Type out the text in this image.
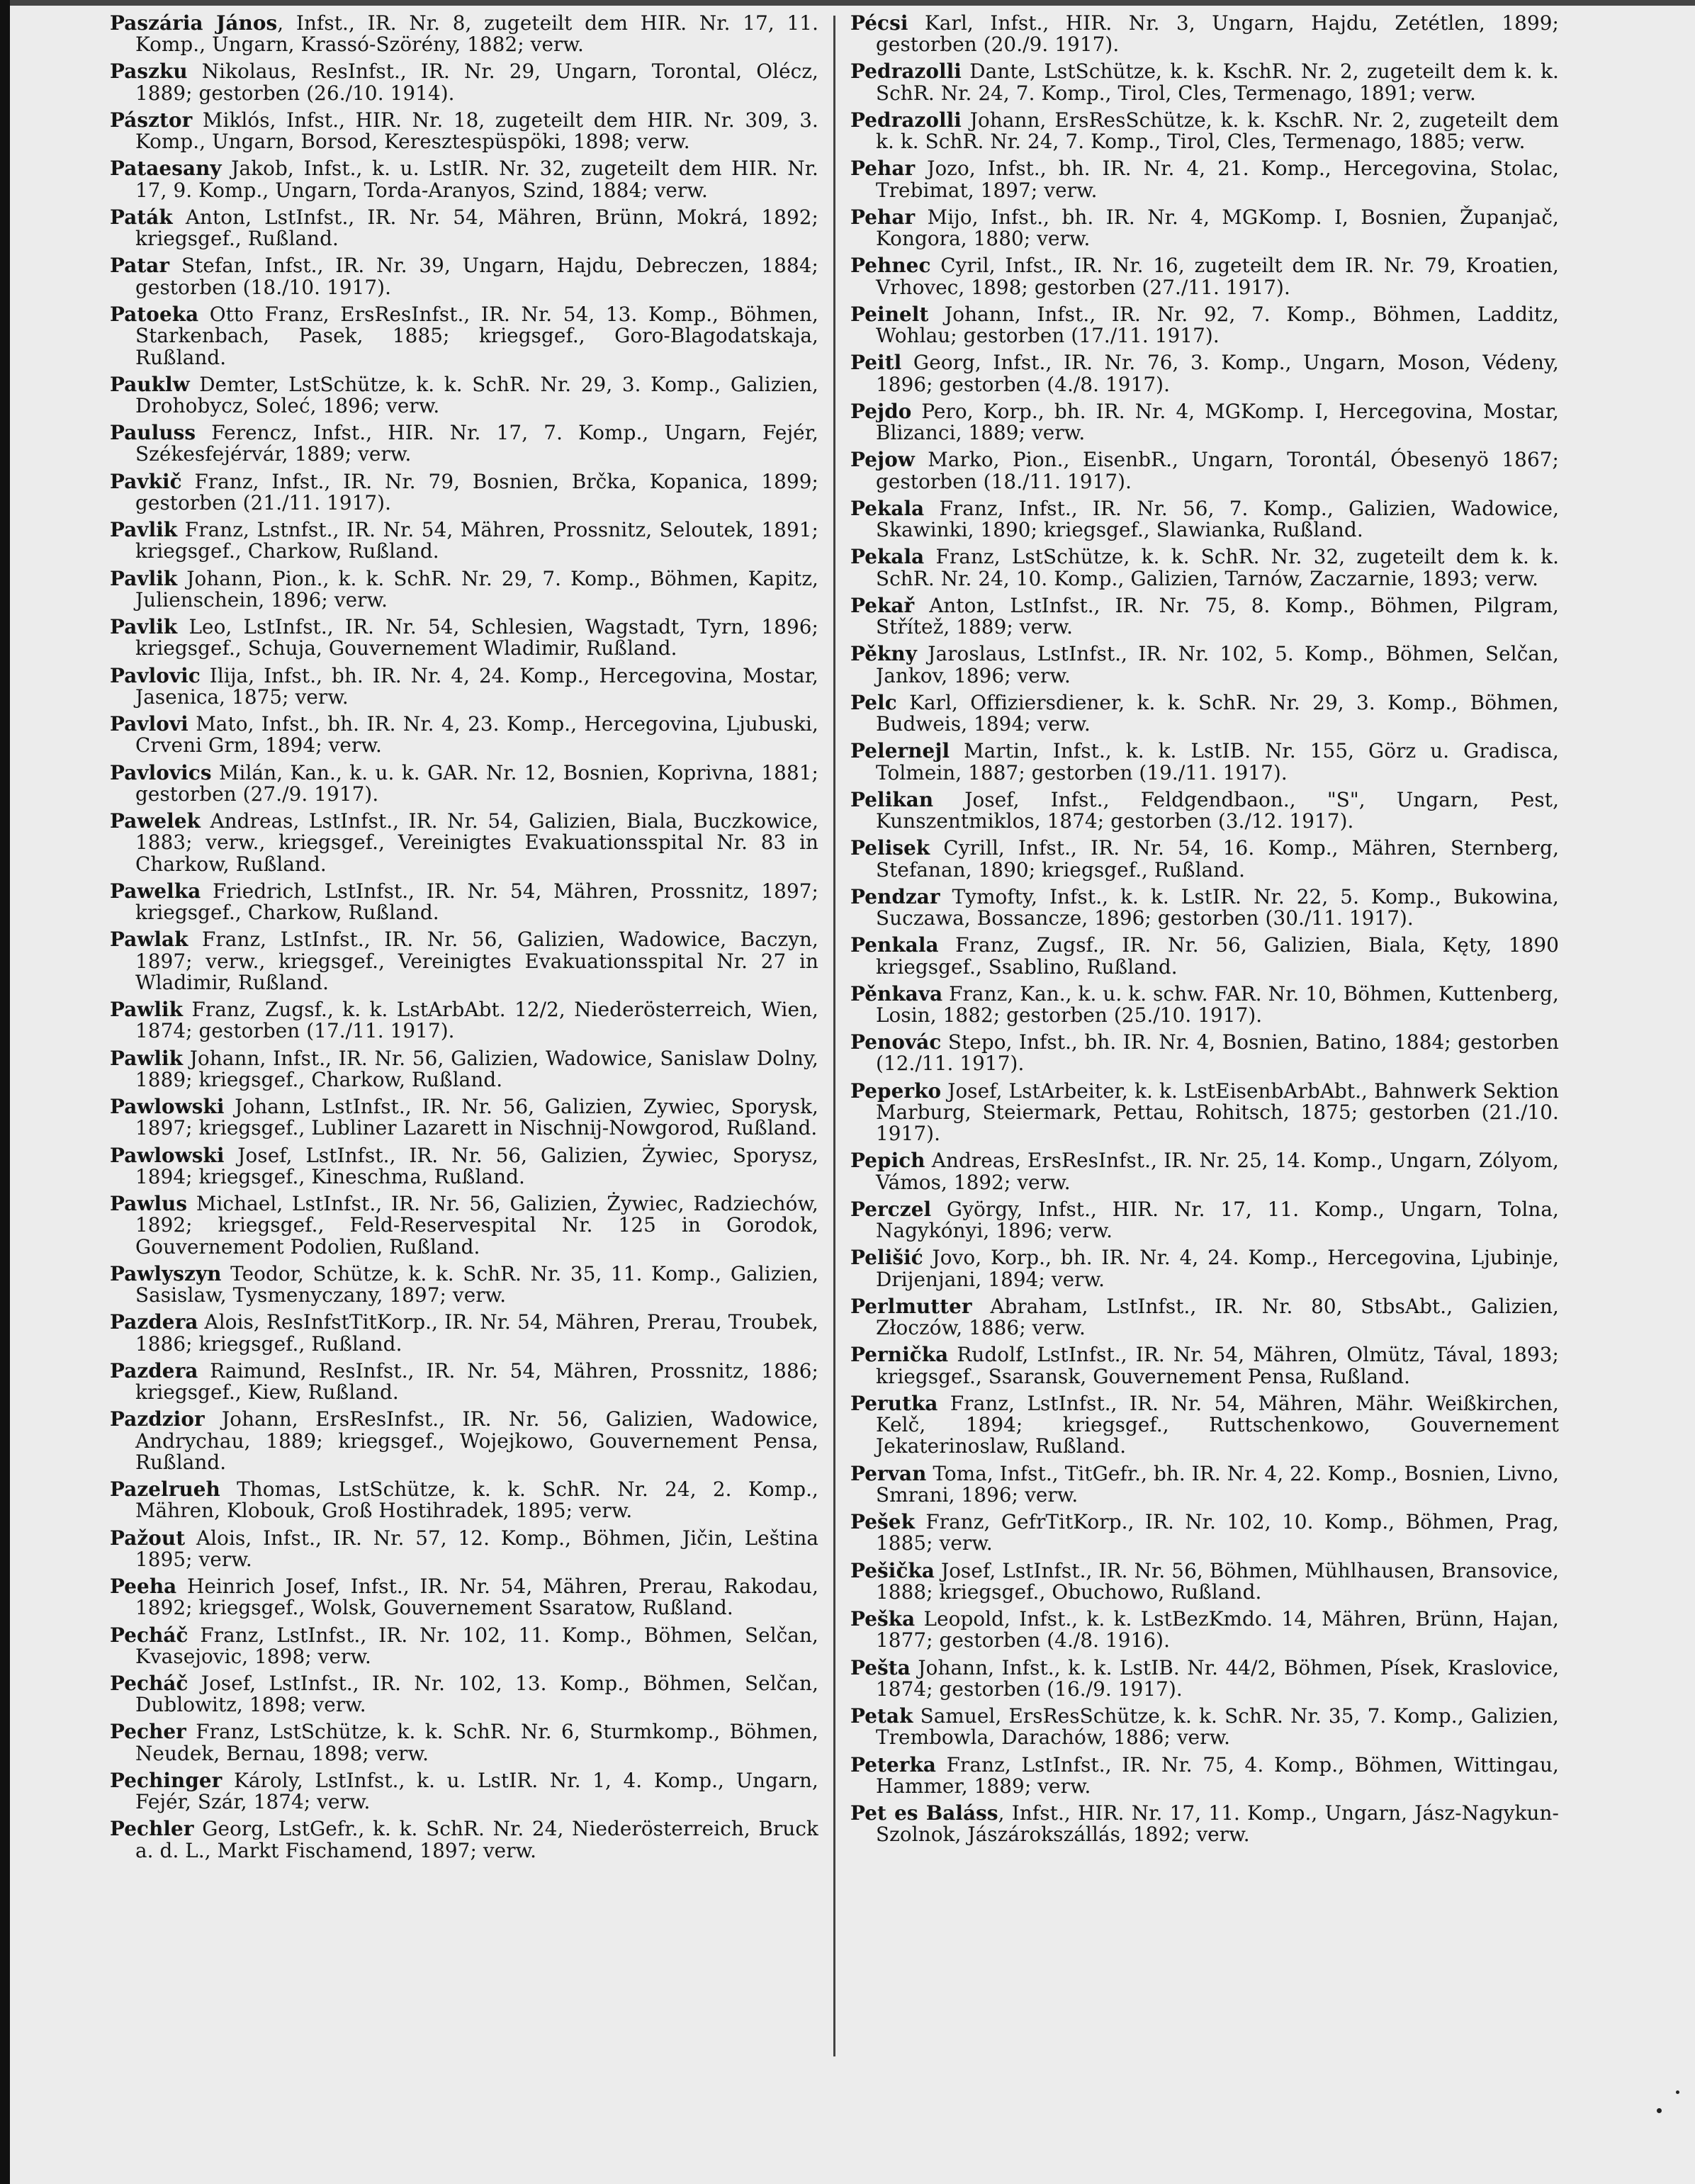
Paszária János, Infst., IR. Nr. 8, zugeteilt dem HIR. Nr. 17, 11. Komp., Ungarn, Krassó-Szörény, 1882; verw.

Paszku Nikolaus, ResInfst., IR. Nr. 29, Ungarn, Torontal, Olécz, 1889; gestorben (26./10. 1914).

Pásztor Miklós, Infst., HIR. Nr. 18, zugeteilt dem HIR. Nr. 309, 3. Komp., Ungarn, Borsod, Keresztespüspöki, 1898; verw.

Pataesany Jakob, Infst., k. u. LstIR. Nr. 32, zugeteilt dem HIR. Nr. 17, 9. Komp., Ungarn, Torda-Aranyos, Szind, 1884; verw.

Paták Anton, LstInfst., IR. Nr. 54, Mähren, Brünn, Mokrá, 1892; kriegsgef., Rußland.

Patar Stefan, Infst., IR. Nr. 39, Ungarn, Hajdu, Debreczen, 1884; gestorben (18./10. 1917).

Patoeka Otto Franz, ErsResInfst., IR. Nr. 54, 13. Komp., Böhmen, Starkenbach, Pasek, 1885; kriegsgef., Goro-Blagodatskaja, Rußland.

Pauklw Demter, LstSchütze, k. k. SchR. Nr. 29, 3. Komp., Galizien, Drohobycz, Soleć, 1896; verw.

Pauluss Ferencz, Infst., HIR. Nr. 17, 7. Komp., Ungarn, Fejér, Székesfejérvár, 1889; verw.

Pavkič Franz, Infst., IR. Nr. 79, Bosnien, Brčka, Kopanica, 1899; gestorben (21./11. 1917).

Pavlik Franz, Lstnfst., IR. Nr. 54, Mähren, Prossnitz, Seloutek, 1891; kriegsgef., Charkow, Rußland.

Pavlik Johann, Pion., k. k. SchR. Nr. 29, 7. Komp., Böhmen, Kapitz, Julienschein, 1896; verw.

Pavlik Leo, LstInfst., IR. Nr. 54, Schlesien, Wagstadt, Tyrn, 1896; kriegsgef., Schuja, Gouvernement Wladimir, Rußland.

Pavlovic Ilija, Infst., bh. IR. Nr. 4, 24. Komp., Hercegovina, Mostar, Jasenica, 1875; verw.

Pavlovi Mato, Infst., bh. IR. Nr. 4, 23. Komp., Hercegovina, Ljubuski, Crveni Grm, 1894; verw.

Pavlovics Milán, Kan., k. u. k. GAR. Nr. 12, Bosnien, Koprivna, 1881; gestorben (27./9. 1917).

Pawelek Andreas, LstInfst., IR. Nr. 54, Galizien, Biala, Buczkowice, 1883; verw., kriegsgef., Vereinigtes Evakuationsspital Nr. 83 in Charkow, Rußland.

Pawelka Friedrich, LstInfst., IR. Nr. 54, Mähren, Prossnitz, 1897; kriegsgef., Charkow, Rußland.

Pawlak Franz, LstInfst., IR. Nr. 56, Galizien, Wadowice, Baczyn, 1897; verw., kriegsgef., Vereinigtes Evakuationsspital Nr. 27 in Wladimir, Rußland.

Pawlik Franz, Zugsf., k. k. LstArbAbt. 12/2, Niederösterreich, Wien, 1874; gestorben (17./11. 1917).

Pawlik Johann, Infst., IR. Nr. 56, Galizien, Wadowice, Sanislaw Dolny, 1889; kriegsgef., Charkow, Rußland.

Pawlowski Johann, LstInfst., IR. Nr. 56, Galizien, Zywiec, Sporysk, 1897; kriegsgef., Lubliner Lazarett in Nischnij-Nowgorod, Rußland.

Pawlowski Josef, LstInfst., IR. Nr. 56, Galizien, Żywiec, Sporysz, 1894; kriegsgef., Kineschma, Rußland.

Pawlus Michael, LstInfst., IR. Nr. 56, Galizien, Żywiec, Radziechów, 1892; kriegsgef., Feld-Reservespital Nr. 125 in Gorodok, Gouvernement Podolien, Rußland.

Pawlyszyn Teodor, Schütze, k. k. SchR. Nr. 35, 11. Komp., Galizien, Sasislaw, Tysmenyczany, 1897; verw.

Pazdera Alois, ResInfstTitKorp., IR. Nr. 54, Mähren, Prerau, Troubek, 1886; kriegsgef., Rußland.

Pazdera Raimund, ResInfst., IR. Nr. 54, Mähren, Prossnitz, 1886; kriegsgef., Kiew, Rußland.

Pazdzior Johann, ErsResInfst., IR. Nr. 56, Galizien, Wadowice, Andrychau, 1889; kriegsgef., Wojejkowo, Gouvernement Pensa, Rußland.

Pazelrueh Thomas, LstSchütze, k. k. SchR. Nr. 24, 2. Komp., Mähren, Klobouk, Groß Hostihradek, 1895; verw.

Pažout Alois, Infst., IR. Nr. 57, 12. Komp., Böhmen, Jičin, Leština 1895; verw.

Peeha Heinrich Josef, Infst., IR. Nr. 54, Mähren, Prerau, Rakodau, 1892; kriegsgef., Wolsk, Gouvernement Ssaratow, Rußland.

Pecháč Franz, LstInfst., IR. Nr. 102, 11. Komp., Böhmen, Selčan, Kvasejovic, 1898; verw.

Pecháč Josef, LstInfst., IR. Nr. 102, 13. Komp., Böhmen, Selčan, Dublowitz, 1898; verw.

Pecher Franz, LstSchütze, k. k. SchR. Nr. 6, Sturmkomp., Böhmen, Neudek, Bernau, 1898; verw.

Pechinger Károly, LstInfst., k. u. LstIR. Nr. 1, 4. Komp., Ungarn, Fejér, Szár, 1874; verw.

Pechler Georg, LstGefr., k. k. SchR. Nr. 24, Niederösterreich, Bruck a. d. L., Markt Fischamend, 1897; verw.

Pécsi Karl, Infst., HIR. Nr. 3, Ungarn, Hajdu, Zetétlen, 1899; gestorben (20./9. 1917).

Pedrazolli Dante, LstSchütze, k. k. KschR. Nr. 2, zugeteilt dem k. k. SchR. Nr. 24, 7. Komp., Tirol, Cles, Termenago, 1891; verw.

Pedrazolli Johann, ErsResSchütze, k. k. KschR. Nr. 2, zugeteilt dem k. k. SchR. Nr. 24, 7. Komp., Tirol, Cles, Termenago, 1885; verw.

Pehar Jozo, Infst., bh. IR. Nr. 4, 21. Komp., Hercegovina, Stolac, Trebimat, 1897; verw.

Pehar Mijo, Infst., bh. IR. Nr. 4, MGKomp. I, Bosnien, Županjač, Kongora, 1880; verw.

Pehnec Cyril, Infst., IR. Nr. 16, zugeteilt dem IR. Nr. 79, Kroatien, Vrhovec, 1898; gestorben (27./11. 1917).

Peinelt Johann, Infst., IR. Nr. 92, 7. Komp., Böhmen, Ladditz, Wohlau; gestorben (17./11. 1917).

Peitl Georg, Infst., IR. Nr. 76, 3. Komp., Ungarn, Moson, Védeny, 1896; gestorben (4./8. 1917).

Pejdo Pero, Korp., bh. IR. Nr. 4, MGKomp. I, Hercegovina, Mostar, Blizanci, 1889; verw.

Pejow Marko, Pion., EisenbR., Ungarn, Torontál, Óbesenyö 1867; gestorben (18./11. 1917).

Pekala Franz, Infst., IR. Nr. 56, 7. Komp., Galizien, Wadowice, Skawinki, 1890; kriegsgef., Slawianka, Rußland.

Pekala Franz, LstSchütze, k. k. SchR. Nr. 32, zugeteilt dem k. k. SchR. Nr. 24, 10. Komp., Galizien, Tarnów, Zaczarnie, 1893; verw.

Pekař Anton, LstInfst., IR. Nr. 75, 8. Komp., Böhmen, Pilgram, Střítež, 1889; verw.

Pěkny Jaroslaus, LstInfst., IR. Nr. 102, 5. Komp., Böhmen, Selčan, Jankov, 1896; verw.

Pelc Karl, Offiziersdiener, k. k. SchR. Nr. 29, 3. Komp., Böhmen, Budweis, 1894; verw.

Pelernejl Martin, Infst., k. k. LstIB. Nr. 155, Görz u. Gradisca, Tolmein, 1887; gestorben (19./11. 1917).

Pelikan Josef, Infst., Feldgendbaon., "S", Ungarn, Pest, Kunszentmiklos, 1874; gestorben (3./12. 1917).

Pelisek Cyrill, Infst., IR. Nr. 54, 16. Komp., Mähren, Sternberg, Stefanan, 1890; kriegsgef., Rußland.

Pendzar Tymofty, Infst., k. k. LstIR. Nr. 22, 5. Komp., Bukowina, Suczawa, Bossancze, 1896; gestorben (30./11. 1917).

Penkala Franz, Zugsf., IR. Nr. 56, Galizien, Biala, Kęty, 1890 kriegsgef., Ssablino, Rußland.

Pěnkava Franz, Kan., k. u. k. schw. FAR. Nr. 10, Böhmen, Kuttenberg, Losin, 1882; gestorben (25./10. 1917).

Penovác Stepo, Infst., bh. IR. Nr. 4, Bosnien, Batino, 1884; gestorben (12./11. 1917).

Peperko Josef, LstArbeiter, k. k. LstEisenbArbAbt., Bahnwerk Sektion Marburg, Steiermark, Pettau, Rohitsch, 1875; gestorben (21./10. 1917).

Pepich Andreas, ErsResInfst., IR. Nr. 25, 14. Komp., Ungarn, Zólyom, Vámos, 1892; verw.

Perczel György, Infst., HIR. Nr. 17, 11. Komp., Ungarn, Tolna, Nagykónyi, 1896; verw.

Pelišić Jovo, Korp., bh. IR. Nr. 4, 24. Komp., Hercegovina, Ljubinje, Drijenjani, 1894; verw.

Perlmutter Abraham, LstInfst., IR. Nr. 80, StbsAbt., Galizien, Złoczów, 1886; verw.

Pernička Rudolf, LstInfst., IR. Nr. 54, Mähren, Olmütz, Tával, 1893; kriegsgef., Ssaransk, Gouvernement Pensa, Rußland.

Perutka Franz, LstInfst., IR. Nr. 54, Mähren, Mähr. Weißkirchen, Kelč, 1894; kriegsgef., Ruttschenkowo, Gouvernement Jekaterinoslaw, Rußland.

Pervan Toma, Infst., TitGefr., bh. IR. Nr. 4, 22. Komp., Bosnien, Livno, Smrani, 1896; verw.

Pešek Franz, GefrTitKorp., IR. Nr. 102, 10. Komp., Böhmen, Prag, 1885; verw.

Pešička Josef, LstInfst., IR. Nr. 56, Böhmen, Mühlhausen, Bransovice, 1888; kriegsgef., Obuchowo, Rußland.

Peška Leopold, Infst., k. k. LstBezKmdo. 14, Mähren, Brünn, Hajan, 1877; gestorben (4./8. 1916).

Pešta Johann, Infst., k. k. LstIB. Nr. 44/2, Böhmen, Písek, Kraslovice, 1874; gestorben (16./9. 1917).

Petak Samuel, ErsResSchütze, k. k. SchR. Nr. 35, 7. Komp., Galizien, Trembowla, Darachów, 1886; verw.

Peterka Franz, LstInfst., IR. Nr. 75, 4. Komp., Böhmen, Wittingau, Hammer, 1889; verw.

Pet es Baláss, Infst., HIR. Nr. 17, 11. Komp., Ungarn, Jász-Nagykun-Szolnok, Jászárokszállás, 1892; verw.
